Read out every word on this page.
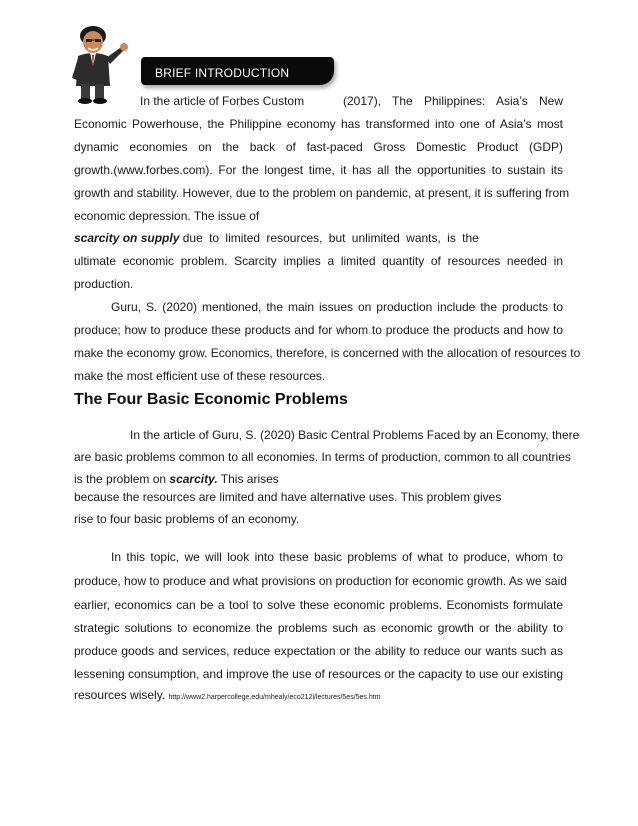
BRIEF INTRODUCTION
In the article of Forbes Custom	(2017), The Philippines: Asia’s New
Economic Powerhouse, the Philippine economy has transformed into one of Asia’s most
dynamic economies on the back of fast-paced Gross Domestic Product (GDP)
growth.(www.forbes.com). For the longest time, it has all the opportunities to sustain its
growth and stability. However, due to the problem on pandemic, at present, it is suffering from
economic depression. The issue of
scarcity on supply due to limited resources, but unlimited wants, is the
ultimate economic problem. Scarcity implies a limited quantity of resources needed in
production.
Guru, S. (2020) mentioned, the main issues on production include the products to
produce; how to produce these products and for whom to produce the products and how to
make the economy grow. Economics, therefore, is concerned with the allocation of resources to
make the most efficient use of these resources.
The Four Basic Economic Problems
In the article of Guru, S. (2020) Basic Central Problems Faced by an Economy, there
are basic problems common to all economies. In terms of production, common to all countries
is the problem on scarcity. This arises
because the resources are limited and have alternative uses. This problem gives
rise to four basic problems of an economy.
In this topic, we will look into these basic problems of what to produce, whom to
produce, how to produce and what provisions on production for economic growth. As we said
earlier, economics can be a tool to solve these economic problems. Economists formulate
strategic solutions to economize the problems such as economic growth or the ability to
produce goods and services, reduce expectation or the ability to reduce our wants such as
lessening consumption, and improve the use of resources or the capacity to use our existing
resources wisely. http://www2.harpercollege.edu/mhealy/eco212i/lectures/5es/5es.htm
